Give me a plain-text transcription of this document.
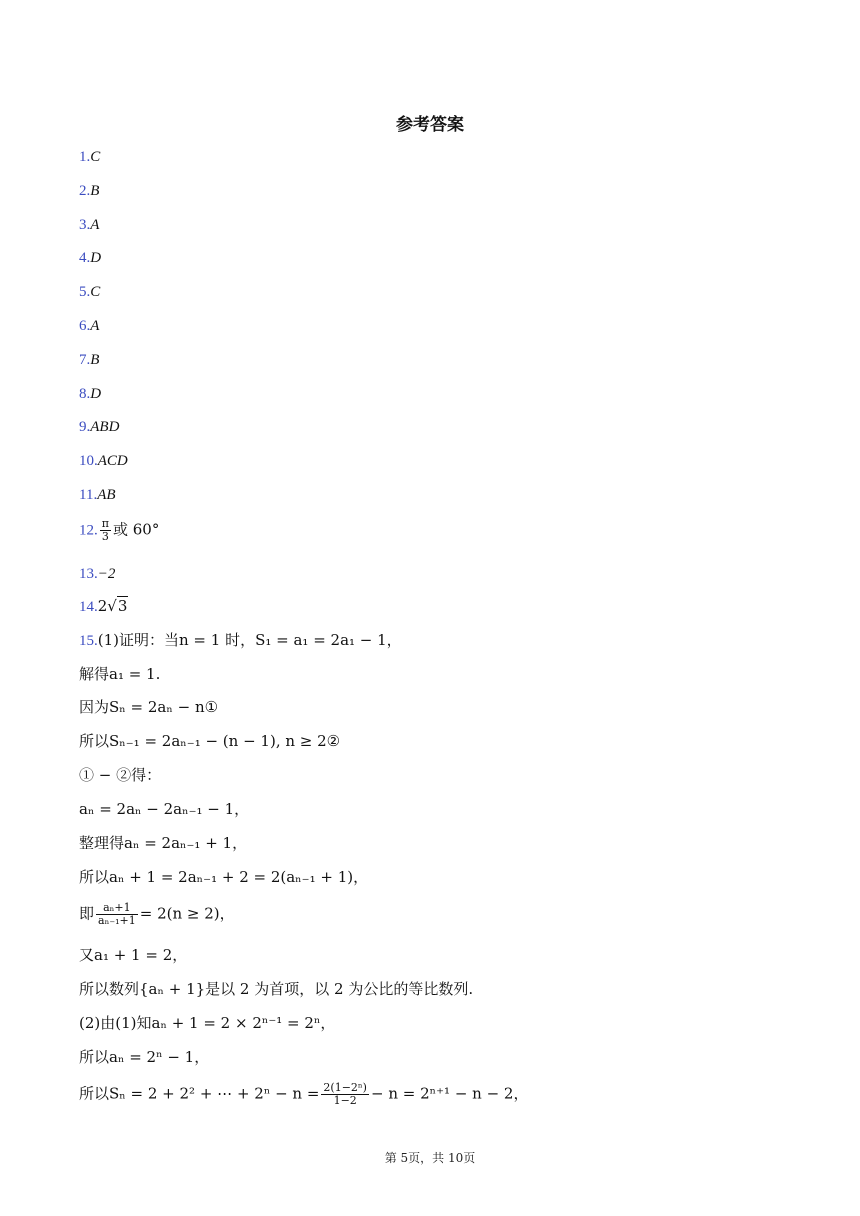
参考答案
1.C
2.B
3.A
4.D
5.C
6.A
7.B
8.D
9.ABD
10.ACD
11.AB
12. $\frac{\pi}{3}$ 或 60°
13.−2
14.2√3
15.(1)证明：当n = 1 时，S₁ = a₁ = 2a₁ − 1，
解得a₁ = 1.
因为Sₙ = 2aₙ − n①
所以Sₙ₋₁ = 2aₙ₋₁ − (n − 1), n ≥ 2②
① − ②得：
aₙ = 2aₙ − 2aₙ₋₁ − 1，
整理得aₙ = 2aₙ₋₁ + 1，
所以aₙ + 1 = 2aₙ₋₁ + 2 = 2(aₙ₋₁ + 1)，
即 $\frac{\text{aₙ+1}}{\text{aₙ₋₁+1}} = 2(n \ge 2)$，
又a₁ + 1 = 2，
所以数列{aₙ + 1}是以 2 为首项，以 2 为公比的等比数列.
(2)由(1)知aₙ + 1 = 2 × 2ⁿ⁻¹ = 2ⁿ，
所以aₙ = 2ⁿ − 1，
所以Sₙ = 2 + 2² + ⋯ + $2^n - n = \frac{\text{2(1−2ⁿ)}}{1-2} - n = 2^{n+1} - n - 2$，
第 5页，共 10页
